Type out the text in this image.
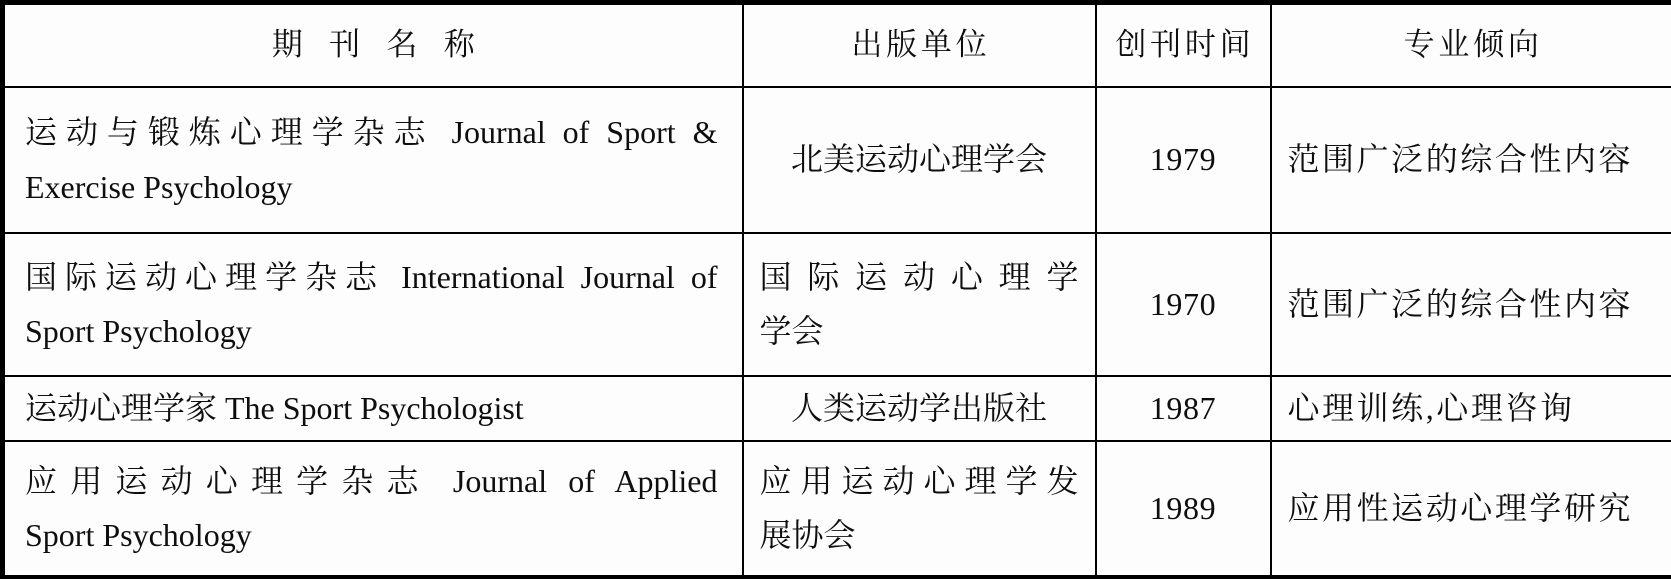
期刊名称	出版单位	创刊时间	专业倾向

运动与锻炼心理学杂志 Journal of Sport &
Exercise Psychology	北美运动心理学会	1979	范围广泛的综合性内容

国际运动心理学杂志 International Journal of
Sport Psychology	国际运动心理学
学会	1970	范围广泛的综合性内容

运动心理学家 The Sport Psychologist	人类运动学出版社	1987	心理训练,心理咨询

应用运动心理学杂志 Journal of Applied
Sport Psychology	应用运动心理学发
展协会	1989	应用性运动心理学研究
